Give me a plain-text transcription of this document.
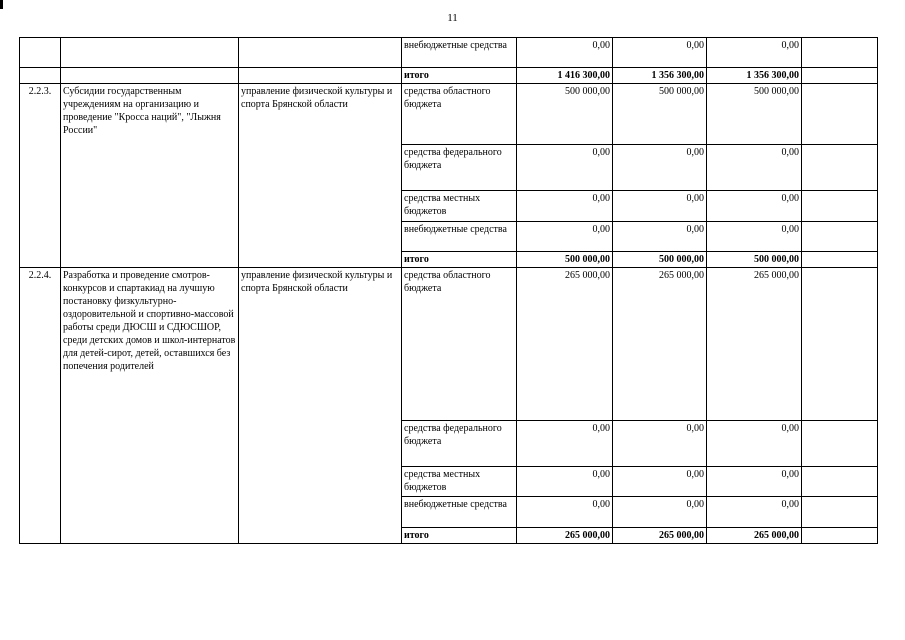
11
			внебюджетные средства	0,00	0,00	0,00	
			итого	1 416 300,00	1 356 300,00	1 356 300,00	
2.2.3.	Субсидии государственным учреждениям на организацию и проведение "Кросса наций", "Лыжня России"	управление физической культуры и спорта Брянской области	средства областного бюджета	500 000,00	500 000,00	500 000,00	
			средства федерального бюджета	0,00	0,00	0,00	
			средства местных бюджетов	0,00	0,00	0,00	
			внебюджетные средства	0,00	0,00	0,00	
			итого	500 000,00	500 000,00	500 000,00	
2.2.4.	Разработка и проведение смотров-конкурсов и спартакиад на лучшую постановку физкультурно-оздоровительной и спортивно-массовой работы среди ДЮСШ и СДЮСШОР, среди детских домов и школ-интернатов для детей-сирот, детей, оставшихся без попечения родителей	управление физической культуры и спорта Брянской области	средства областного бюджета	265 000,00	265 000,00	265 000,00	
			средства федерального бюджета	0,00	0,00	0,00	
			средства местных бюджетов	0,00	0,00	0,00	
			внебюджетные средства	0,00	0,00	0,00	
			итого	265 000,00	265 000,00	265 000,00	
